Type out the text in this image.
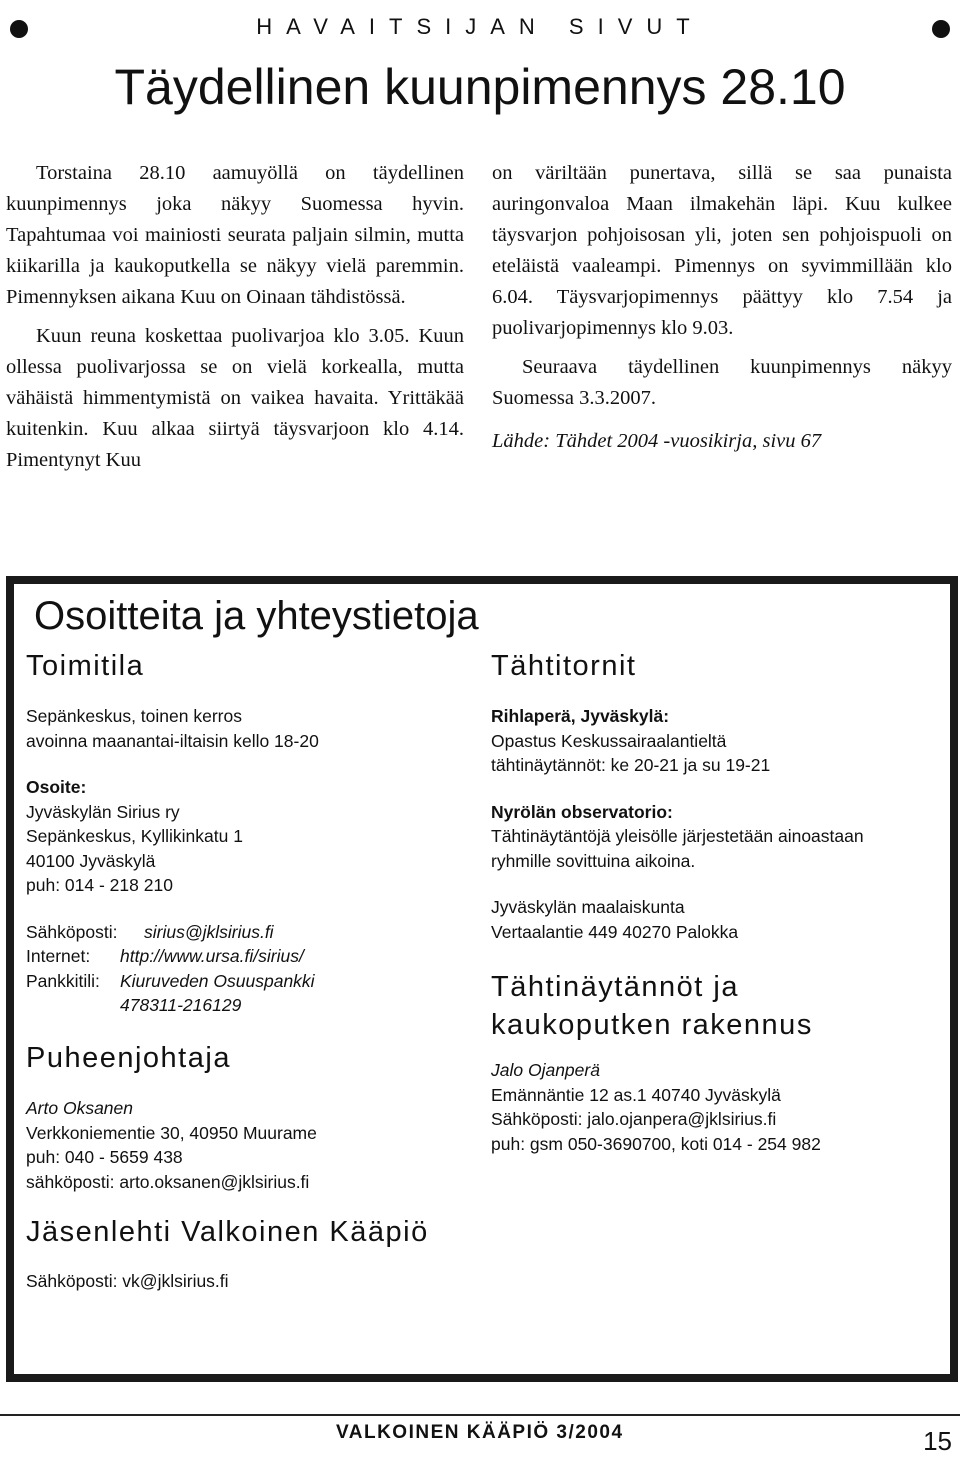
HAVAITSIJAN SIVUT
Täydellinen kuunpimennys 28.10

Torstaina 28.10 aamuyöllä on täydellinen kuunpimennys joka näkyy Suomessa hyvin. Tapahtumaa voi mainiosti seurata paljain silmin, mutta kiikarilla ja kaukoputkella se näkyy vielä paremmin. Pimennyksen aikana Kuu on Oinaan tähdistössä.

Kuun reuna koskettaa puolivarjoa klo 3.05. Kuun ollessa puolivarjossa se on vielä korkealla, mutta vähäistä himmentymistä on vaikea havaita. Yrittäkää kuitenkin. Kuu alkaa siirtyä täysvarjoon klo 4.14. Pimentynyt Kuu

on väriltään punertava, sillä se saa punaista auringonvaloa Maan ilmakehän läpi. Kuu kulkee täysvarjon pohjoisosan yli, joten sen pohjoispuoli on eteläistä vaaleampi. Pimennys on syvimmillään klo 6.04. Täysvarjopimennys päättyy klo 7.54 ja puolivarjopimennys klo 9.03.

Seuraava täydellinen kuunpimennys näkyy Suomessa 3.3.2007.

Lähde: Tähdet 2004 -vuosikirja, sivu 67

Osoitteita ja yhteystietoja
Toimitila
Sepänkeskus, toinen kerros
avoinna maanantai-iltaisin kello 18-20
Osoite:
Jyväskylän Sirius ry
Sepänkeskus, Kyllikinkatu 1
40100 Jyväskylä
puh: 014 - 218 210
Sähköposti: sirius@jklsirius.fi
Internet: http://www.ursa.fi/sirius/
Pankkitili: Kiuruveden Osuuspankki
478311-216129
Puheenjohtaja
Arto Oksanen
Verkkoniementie 30, 40950 Muurame
puh: 040 - 5659 438
sähköposti: arto.oksanen@jklsirius.fi
Jäsenlehti Valkoinen Kääpiö
Sähköposti: vk@jklsirius.fi
Tähtitornit
Rihlaperä, Jyväskylä:
Opastus Keskussairaalantieltä
tähtinäytännöt: ke 20-21 ja su 19-21
Nyrölän observatorio:
Tähtinäytäntöjä yleisölle järjestetään ainoastaan
ryhmille sovittuina aikoina.
Jyväskylän maalaiskunta
Vertaalantie 449 40270 Palokka
Tähtinäytännöt ja
kaukoputken rakennus
Jalo Ojanperä
Emännäntie 12 as.1 40740 Jyväskylä
Sähköposti: jalo.ojanpera@jklsirius.fi
puh: gsm 050-3690700, koti 014 - 254 982
VALKOINEN KÄÄPIÖ 3/2004	15
